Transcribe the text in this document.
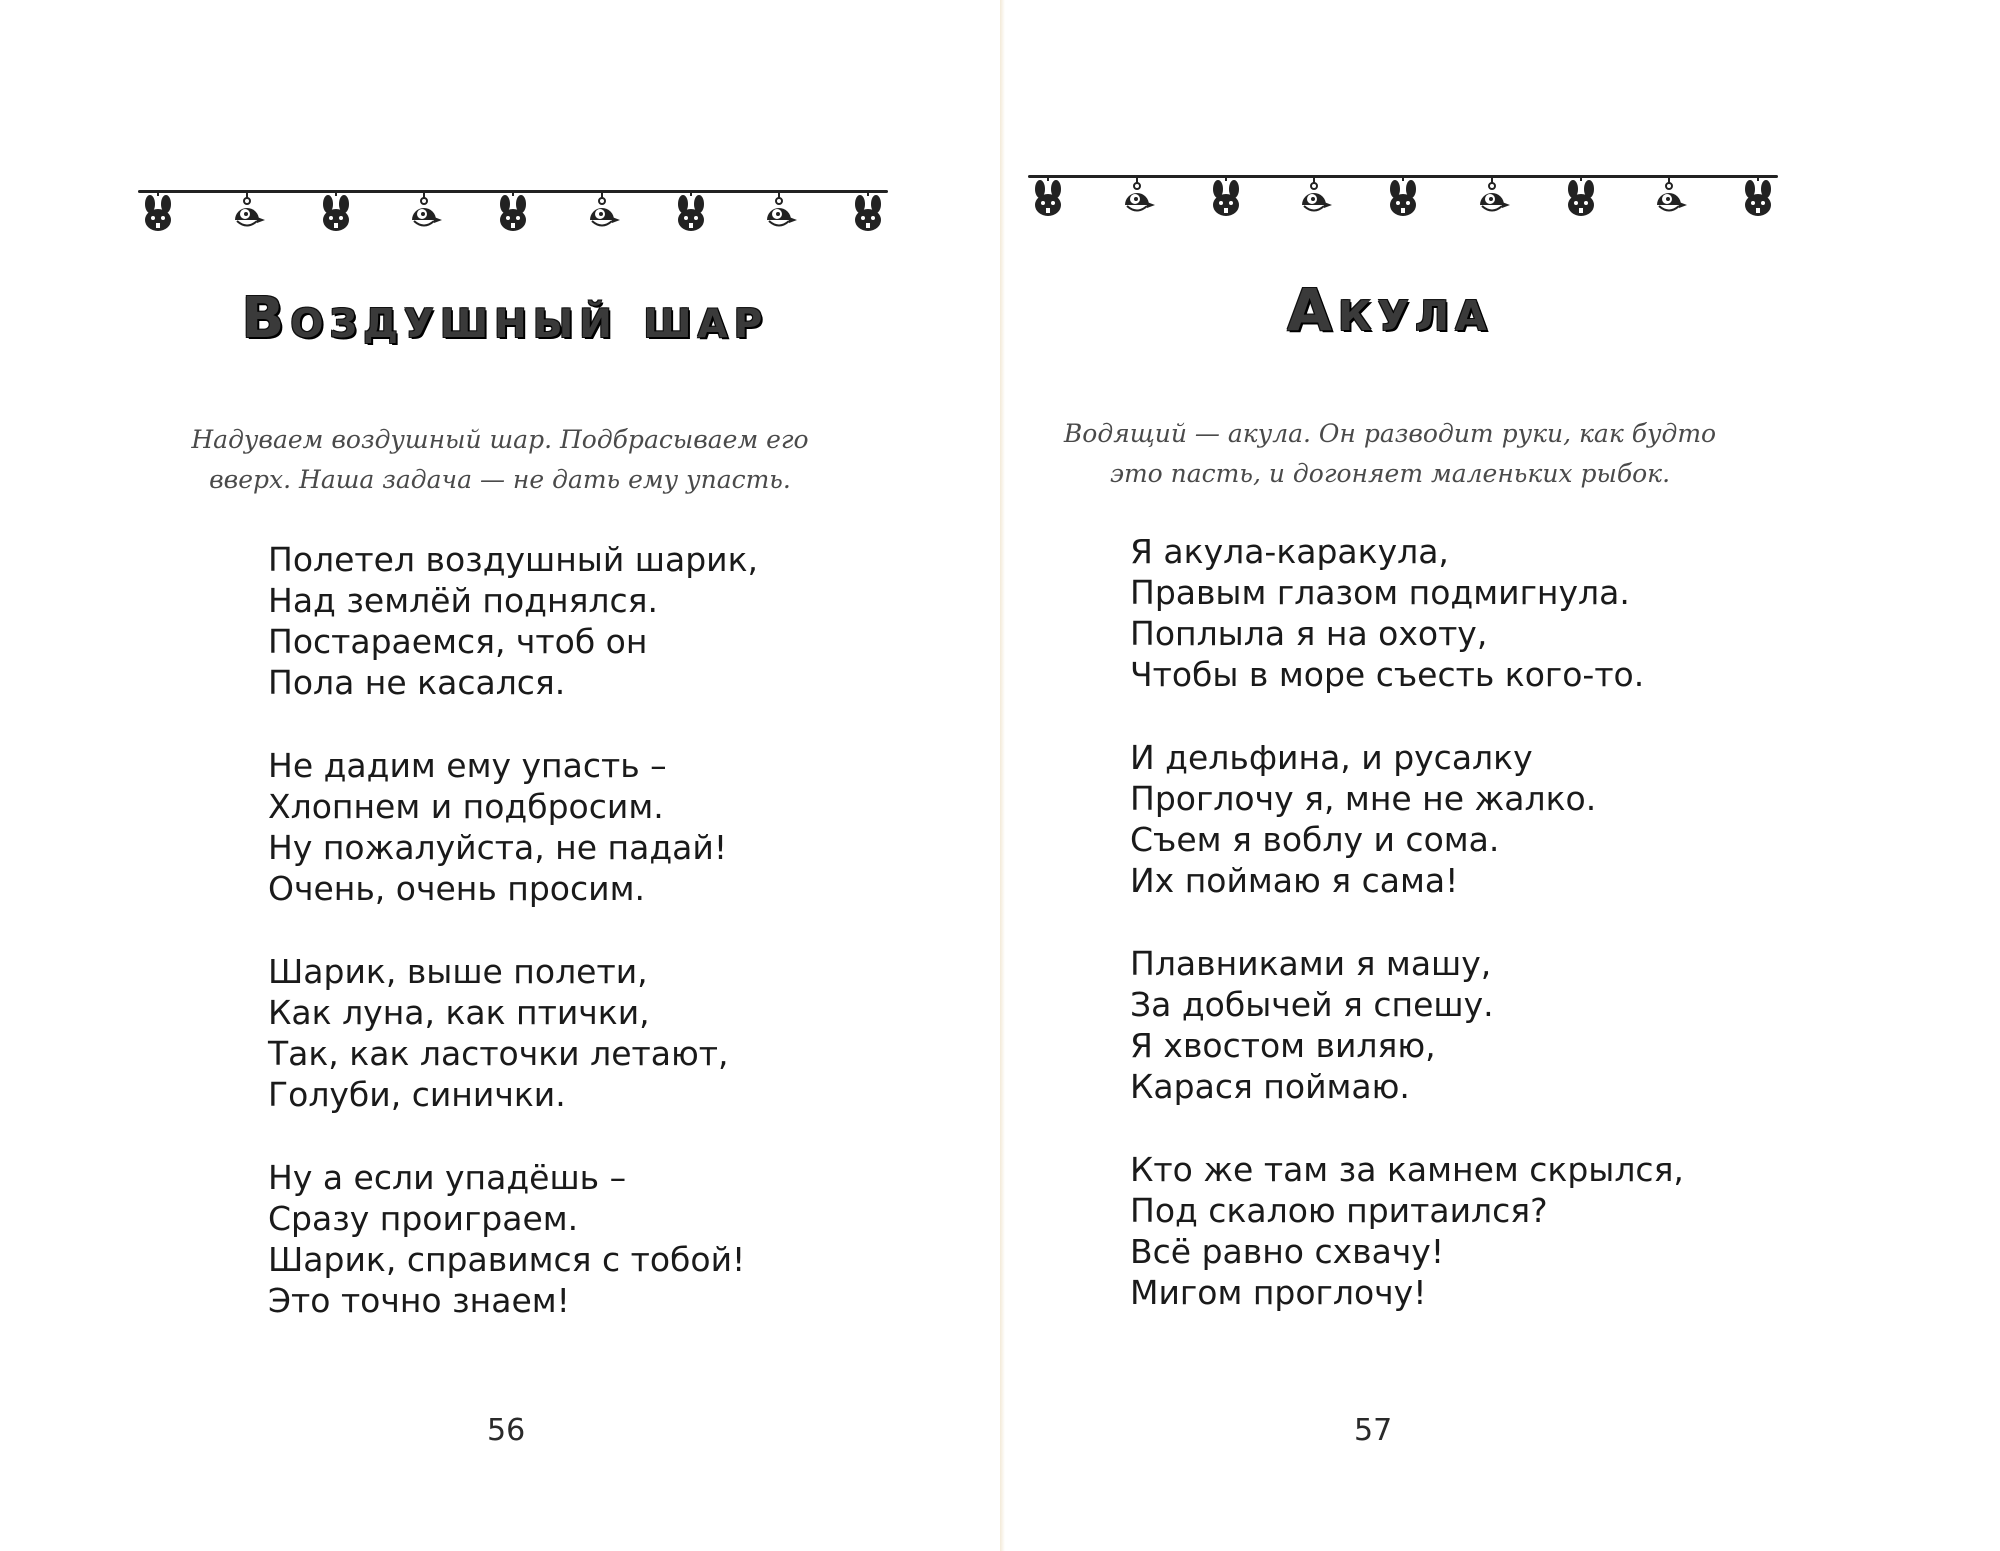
Воздушный шар
Надуваем воздушный шар. Подбрасываем его
вверх. Наша задача — не дать ему упасть.
Полетел воздушный шарик,
Над землёй поднялся.
Постараемся, чтоб он
Пола не касался.
Не дадим ему упасть –
Хлопнем и подбросим.
Ну пожалуйста, не падай!
Очень, очень просим.
Шарик, выше полети,
Как луна, как птички,
Так, как ласточки летают,
Голуби, синички.
Ну а если упадёшь –
Сразу проиграем.
Шарик, справимся с тобой!
Это точно знаем!
56
Акула
Водящий — акула. Он разводит руки, как будто
это пасть, и догоняет маленьких рыбок.
Я акула-каракула,
Правым глазом подмигнула.
Поплыла я на охоту,
Чтобы в море съесть кого-то.
И дельфина, и русалку
Проглочу я, мне не жалко.
Съем я воблу и сома.
Их поймаю я сама!
Плавниками я машу,
За добычей я спешу.
Я хвостом виляю,
Карася поймаю.
Кто же там за камнем скрылся,
Под скалою притаился?
Всё равно схвачу!
Мигом проглочу!
57
